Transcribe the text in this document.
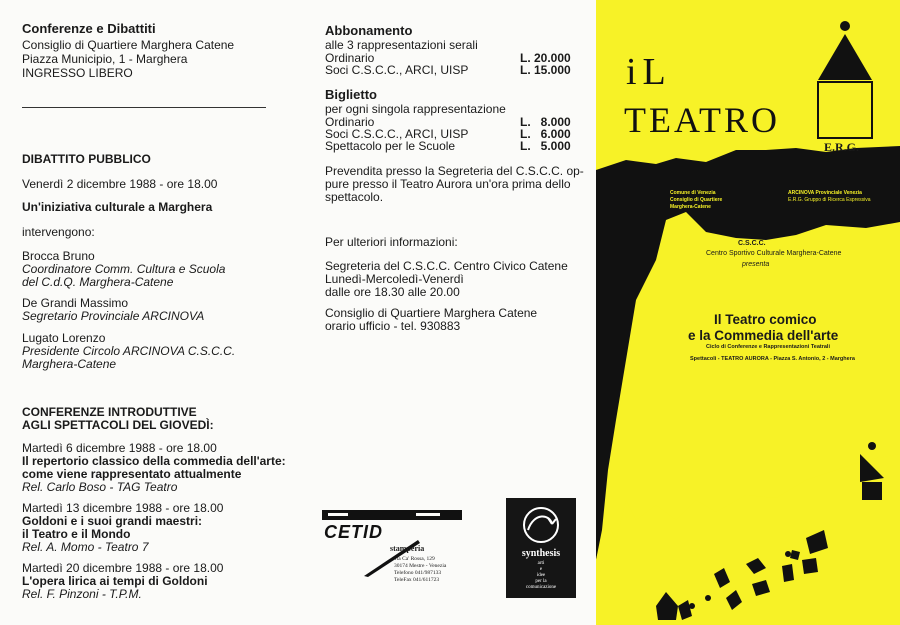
Conferenze e Dibattiti
Consiglio di Quartiere Marghera Catene
Piazza Municipio, 1 - Marghera
INGRESSO LIBERO
DIBATTITO PUBBLICO
Venerdì 2 dicembre 1988 - ore 18.00
Un'iniziativa culturale a Marghera
intervengono:
Brocca Bruno
Coordinatore Comm. Cultura e Scuola
del C.d.Q. Marghera-Catene
De Grandi Massimo
Segretario Provinciale ARCINOVA
Lugato Lorenzo
Presidente Circolo ARCINOVA C.S.C.C.
Marghera-Catene
CONFERENZE INTRODUTTIVE
AGLI SPETTACOLI DEL GIOVEDÌ:
Martedì 6 dicembre 1988 - ore 18.00
Il repertorio classico della commedia dell'arte:
come viene rappresentato attualmente
Rel. Carlo Boso - TAG Teatro
Martedì 13 dicembre 1988 - ore 18.00
Goldoni e i suoi grandi maestri:
il Teatro e il Mondo
Rel. A. Momo - Teatro 7
Martedì 20 dicembre 1988 - ore 18.00
L'opera lirica ai tempi di Goldoni
Rel. F. Pinzoni - T.P.M.
Abbonamento
alle 3 rappresentazioni serali
Ordinario	L. 20.000
Soci C.S.C.C., ARCI, UISP	L. 15.000
Biglietto
per ogni singola rappresentazione
Ordinario	L.   8.000
Soci C.S.C.C., ARCI, UISP	L.   6.000
Spettacolo per le Scuole	L.   5.000
Prevendita presso la Segreteria del C.S.C.C. op-
pure presso il Teatro Aurora un'ora prima dello
spettacolo.
Per ulteriori informazioni:
Segreteria del C.S.C.C. Centro Civico Catene
Lunedì-Mercoledì-Venerdì
dalle ore 18.30 alle 20.00
Consiglio di Quartiere Marghera Catene
orario ufficio - tel. 930883
CETID
stamperia
via Ca' Rossa, 129
30174 Mestre - Venezia
Telefono 041/987133
TeleFax 041/611723
synthesis
arti
e
idee
per la
comunicazione
iL
TEATRO
E.R.G.
Comune di Venezia
Consiglio di Quartiere
Marghera-Catene
ARCINOVA Provinciale Venezia
E.R.G. Gruppo di Ricerca Espressiva
C.S.C.C.
Centro Sportivo Culturale Marghera-Catene
presenta
Il Teatro comico
e la Commedia dell'arte
Ciclo di Conferenze e Rappresentazioni Teatrali
Spettacoli - TEATRO AURORA - Piazza S. Antonio, 2 - Marghera
